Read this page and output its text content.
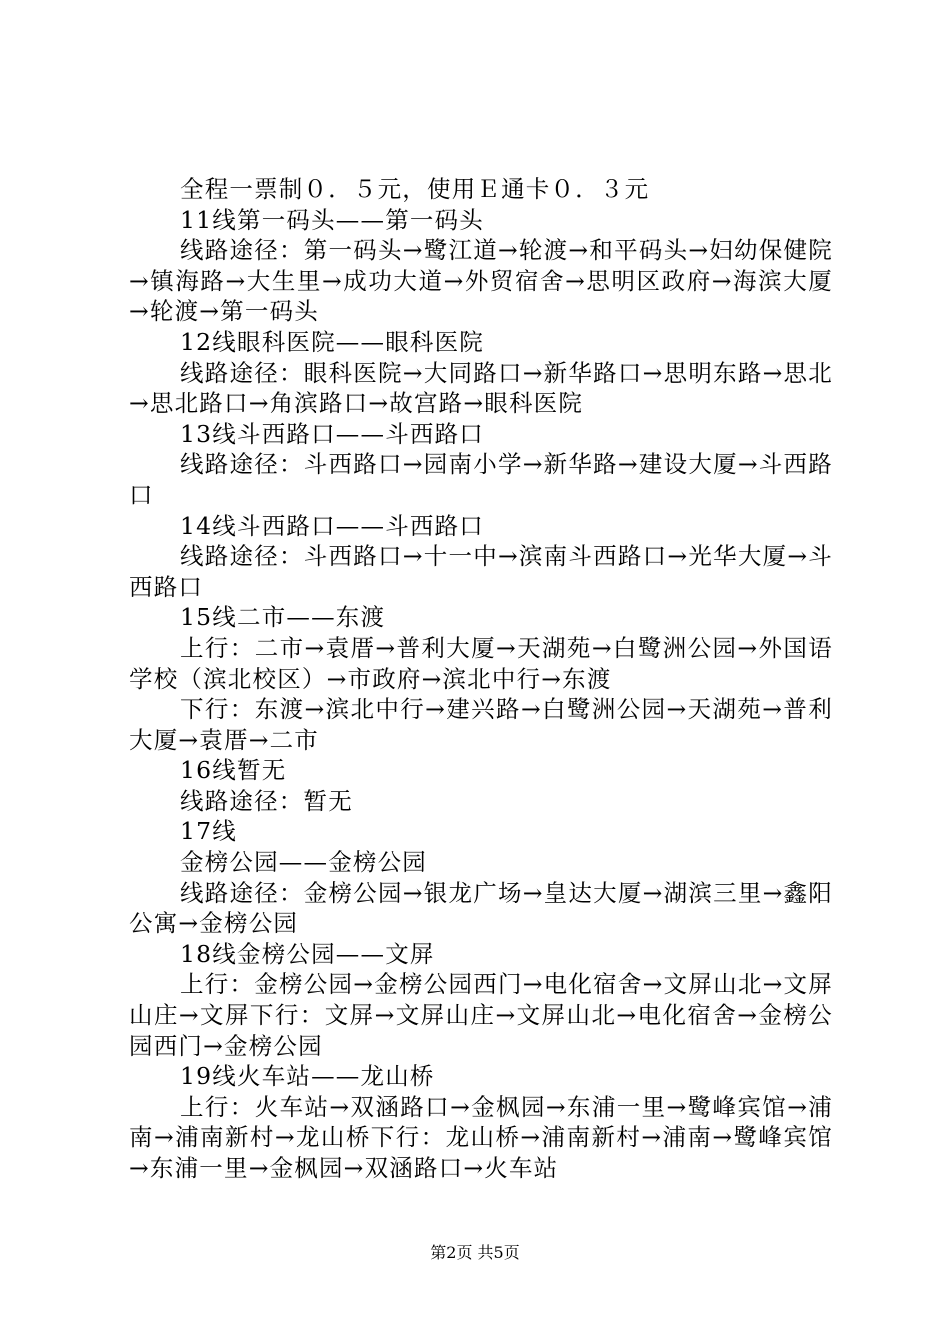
全程一票制０．５元，使用Ｅ通卡０．３元

11线第一码头——第一码头

线路途径：第一码头→鹭江道→轮渡→和平码头→妇幼保健院→镇海路→大生里→成功大道→外贸宿舍→思明区政府→海滨大厦→轮渡→第一码头

12线眼科医院——眼科医院

线路途径：眼科医院→大同路口→新华路口→思明东路→思北→思北路口→角滨路口→故宫路→眼科医院

13线斗西路口——斗西路口

线路途径：斗西路口→园南小学→新华路→建设大厦→斗西路口

14线斗西路口——斗西路口

线路途径：斗西路口→十一中→滨南斗西路口→光华大厦→斗西路口

15线二市——东渡

上行：二市→袁厝→普利大厦→天湖苑→白鹭洲公园→外国语学校（滨北校区）→市政府→滨北中行→东渡

下行：东渡→滨北中行→建兴路→白鹭洲公园→天湖苑→普利大厦→袁厝→二市

16线暂无

线路途径：暂无

17线

金榜公园——金榜公园

线路途径：金榜公园→银龙广场→皇达大厦→湖滨三里→鑫阳公寓→金榜公园

18线金榜公园——文屏

上行：金榜公园→金榜公园西门→电化宿舍→文屏山北→文屏山庄→文屏下行：文屏→文屏山庄→文屏山北→电化宿舍→金榜公园西门→金榜公园

19线火车站——龙山桥

上行：火车站→双涵路口→金枫园→东浦一里→鹭峰宾馆→浦南→浦南新村→龙山桥下行：龙山桥→浦南新村→浦南→鹭峰宾馆→东浦一里→金枫园→双涵路口→火车站

第2页 共5页
